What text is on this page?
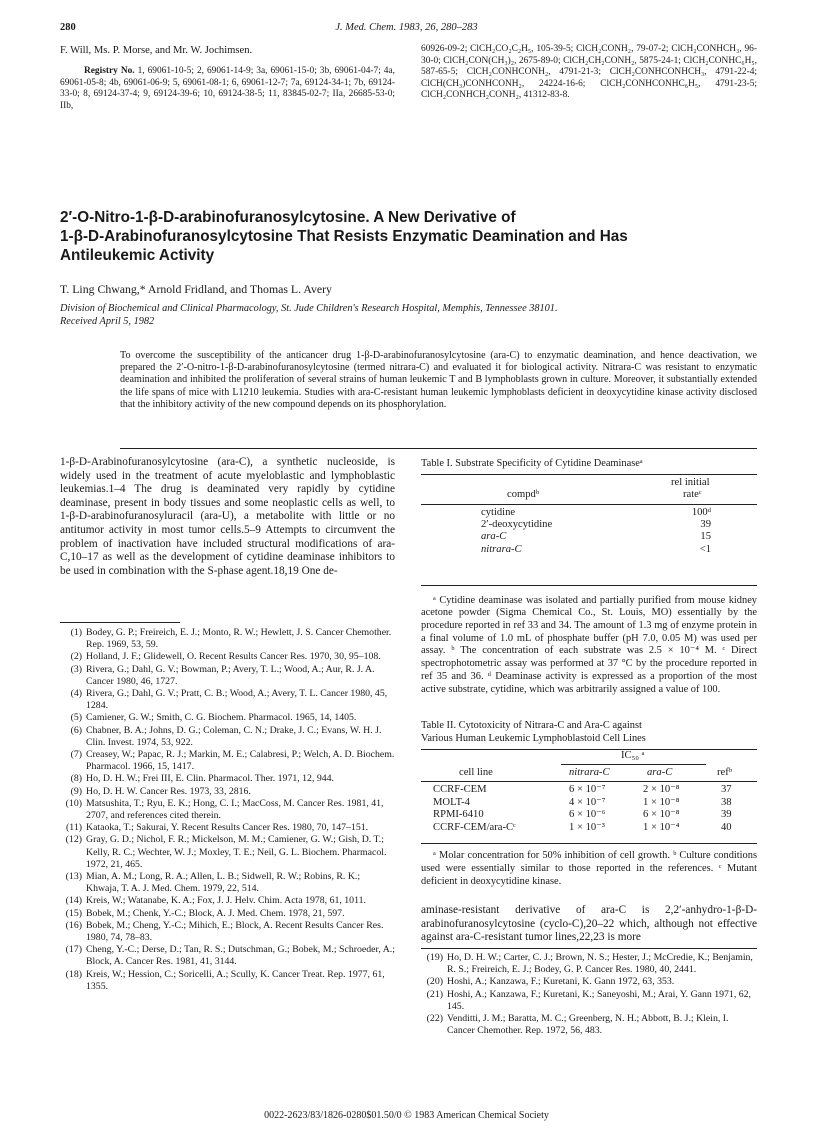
280	J. Med. Chem. 1983, 26, 280–283
F. Will, Ms. P. Morse, and Mr. W. Jochimsen.
Registry No. 1, 69061-10-5; 2, 69061-14-9; 3a, 69061-15-0; 3b, 69061-04-7; 4a, 69061-05-8; 4b, 69061-06-9; 5, 69061-08-1; 6, 69061-12-7; 7a, 69124-34-1; 7b, 69124-33-0; 8, 69124-37-4; 9, 69124-39-6; 10, 69124-38-5; 11, 83845-02-7; IIa, 26685-53-0; IIb,
60926-09-2; ClCH₂CO₂C₂H₅, 105-39-5; ClCH₂CONH₂, 79-07-2; ClCH₂CONHCH₃, 96-30-0; ClCH₂CON(CH₃)₂, 2675-89-0; ClCH₂CH₂CONH₂, 5875-24-1; ClCH₂CONHC₆H₅, 587-65-5; ClCH₂CONHCONH₂, 4791-21-3; ClCH₂CONHCONHCH₃, 4791-22-4; ClCH(CH₃)CONHCONH₂, 24224-16-6; ClCH₂CONHCONHC₆H₅, 4791-23-5; ClCH₂CONHCH₂CONH₂, 41312-83-8.
2′-O-Nitro-1-β-D-arabinofuranosylcytosine. A New Derivative of
1-β-D-Arabinofuranosylcytosine That Resists Enzymatic Deamination and Has
Antileukemic Activity
T. Ling Chwang,* Arnold Fridland, and Thomas L. Avery
Division of Biochemical and Clinical Pharmacology, St. Jude Children's Research Hospital, Memphis, Tennessee 38101.
Received April 5, 1982
To overcome the susceptibility of the anticancer drug 1-β-D-arabinofuranosylcytosine (ara-C) to enzymatic deamination, and hence deactivation, we prepared the 2′-O-nitro-1-β-D-arabinofuranosylcytosine (termed nitrara-C) and evaluated it for biological activity. Nitrara-C was resistant to enzymatic deamination and inhibited the proliferation of several strains of human leukemic T and B lymphoblasts grown in culture. Moreover, it substantially extended the life spans of mice with L1210 leukemia. Studies with ara-C-resistant human leukemic lymphoblasts deficient in deoxycytidine kinase activity disclosed that the inhibitory activity of the new compound depends on its phosphorylation.
1-β-D-Arabinofuranosylcytosine (ara-C), a synthetic nucleoside, is widely used in the treatment of acute myeloblastic and lymphoblastic leukemias.1–4 The drug is deaminated very rapidly by cytidine deaminase, present in body tissues and some neoplastic cells as well, to 1-β-D-arabinofuranosyluracil (ara-U), a metabolite with little or no antitumor activity in most tumor cells.5–9 Attempts to circumvent the problem of inactivation have included structural modifications of ara-C,10–17 as well as the development of cytidine deaminase inhibitors to be used in combination with the S-phase agent.18,19 One de-
(1) Bodey, G. P.; Freireich, E. J.; Monto, R. W.; Hewlett, J. S. Cancer Chemother. Rep. 1969, 53, 59.
(2) Holland, J. F.; Glidewell, O. Recent Results Cancer Res. 1970, 30, 95–108.
(3) Rivera, G.; Dahl, G. V.; Bowman, P.; Avery, T. L.; Wood, A.; Aur, R. J. A. Cancer 1980, 46, 1727.
(4) Rivera, G.; Dahl, G. V.; Pratt, C. B.; Wood, A.; Avery, T. L. Cancer 1980, 45, 1284.
(5) Camiener, G. W.; Smith, C. G. Biochem. Pharmacol. 1965, 14, 1405.
(6) Chabner, B. A.; Johns, D. G.; Coleman, C. N.; Drake, J. C.; Evans, W. H. J. Clin. Invest. 1974, 53, 922.
(7) Creasey, W.; Papac, R. J.; Markin, M. E.; Calabresi, P.; Welch, A. D. Biochem. Pharmacol. 1966, 15, 1417.
(8) Ho, D. H. W.; Frei III, E. Clin. Pharmacol. Ther. 1971, 12, 944.
(9) Ho, D. H. W. Cancer Res. 1973, 33, 2816.
(10) Matsushita, T.; Ryu, E. K.; Hong, C. I.; MacCoss, M. Cancer Res. 1981, 41, 2707, and references cited therein.
(11) Kataoka, T.; Sakurai, Y. Recent Results Cancer Res. 1980, 70, 147–151.
(12) Gray, G. D.; Nichol, F. R.; Mickelson, M. M.; Camiener, G. W.; Gish, D. T.; Kelly, R. C.; Wechter, W. J.; Moxley, T. E.; Neil, G. L. Biochem. Pharmacol. 1972, 21, 465.
(13) Mian, A. M.; Long, R. A.; Allen, L. B.; Sidwell, R. W.; Robins, R. K.; Khwaja, T. A. J. Med. Chem. 1979, 22, 514.
(14) Kreis, W.; Watanabe, K. A.; Fox, J. J. Helv. Chim. Acta 1978, 61, 1011.
(15) Bobek, M.; Chenk, Y.-C.; Block, A. J. Med. Chem. 1978, 21, 597.
(16) Bobek, M.; Cheng, Y.-C.; Mihich, E.; Block, A. Recent Results Cancer Res. 1980, 74, 78–83.
(17) Cheng, Y.-C.; Derse, D.; Tan, R. S.; Dutschman, G.; Bobek, M.; Schroeder, A.; Block, A. Cancer Res. 1981, 41, 3144.
(18) Kreis, W.; Hession, C.; Soricelli, A.; Scully, K. Cancer Treat. Rep. 1977, 61, 1355.
Table I. Substrate Specificity of Cytidine Deaminaseᵃ
rel initial
compdᵇ	rateᶜ
cytidine	100ᵈ
2′-deoxycytidine	39
ara-C	15
nitrara-C	<1
ᵃ Cytidine deaminase was isolated and partially purified from mouse kidney acetone powder (Sigma Chemical Co., St. Louis, MO) essentially by the procedure reported in ref 33 and 34. The amount of 1.3 mg of enzyme protein in a final volume of 1.0 mL of phosphate buffer (pH 7.0, 0.05 M) was used per assay. ᵇ The concentration of each substrate was 2.5 × 10⁻⁴ M. ᶜ Direct spectrophotometric assay was performed at 37 °C by the procedure reported in ref 35 and 36. ᵈ Deaminase activity is expressed as a proportion of the most active substrate, cytidine, which was arbitrarily assigned a value of 100.
Table II. Cytotoxicity of Nitrara-C and Ara-C against
Various Human Leukemic Lymphoblastoid Cell Lines
IC₅₀ ᵃ
cell line	nitrara-C	ara-C	refᵇ
CCRF-CEM	6 × 10⁻⁷	2 × 10⁻⁸	37
MOLT-4	4 × 10⁻⁷	1 × 10⁻⁸	38
RPMI-6410	6 × 10⁻⁶	6 × 10⁻⁸	39
CCRF-CEM/ara-Cᶜ	1 × 10⁻³	1 × 10⁻⁴	40
ᵃ Molar concentration for 50% inhibition of cell growth. ᵇ Culture conditions used were essentially similar to those reported in the references. ᶜ Mutant deficient in deoxycytidine kinase.
aminase-resistant derivative of ara-C is 2,2′-anhydro-1-β-D-arabinofuranosylcytosine (cyclo-C),20–22 which, although not effective against ara-C-resistant tumor lines,22,23 is more
(19) Ho, D. H. W.; Carter, C. J.; Brown, N. S.; Hester, J.; McCredie, K.; Benjamin, R. S.; Freireich, E. J.; Bodey, G. P. Cancer Res. 1980, 40, 2441.
(20) Hoshi, A.; Kanzawa, F.; Kuretani, K. Gann 1972, 63, 353.
(21) Hoshi, A.; Kanzawa, F.; Kuretani, K.; Saneyoshi, M.; Arai, Y. Gann 1971, 62, 145.
(22) Venditti, J. M.; Baratta, M. C.; Greenberg, N. H.; Abbott, B. J.; Klein, I. Cancer Chemother. Rep. 1972, 56, 483.
0022-2623/83/1826-0280$01.50/0 © 1983 American Chemical Society
